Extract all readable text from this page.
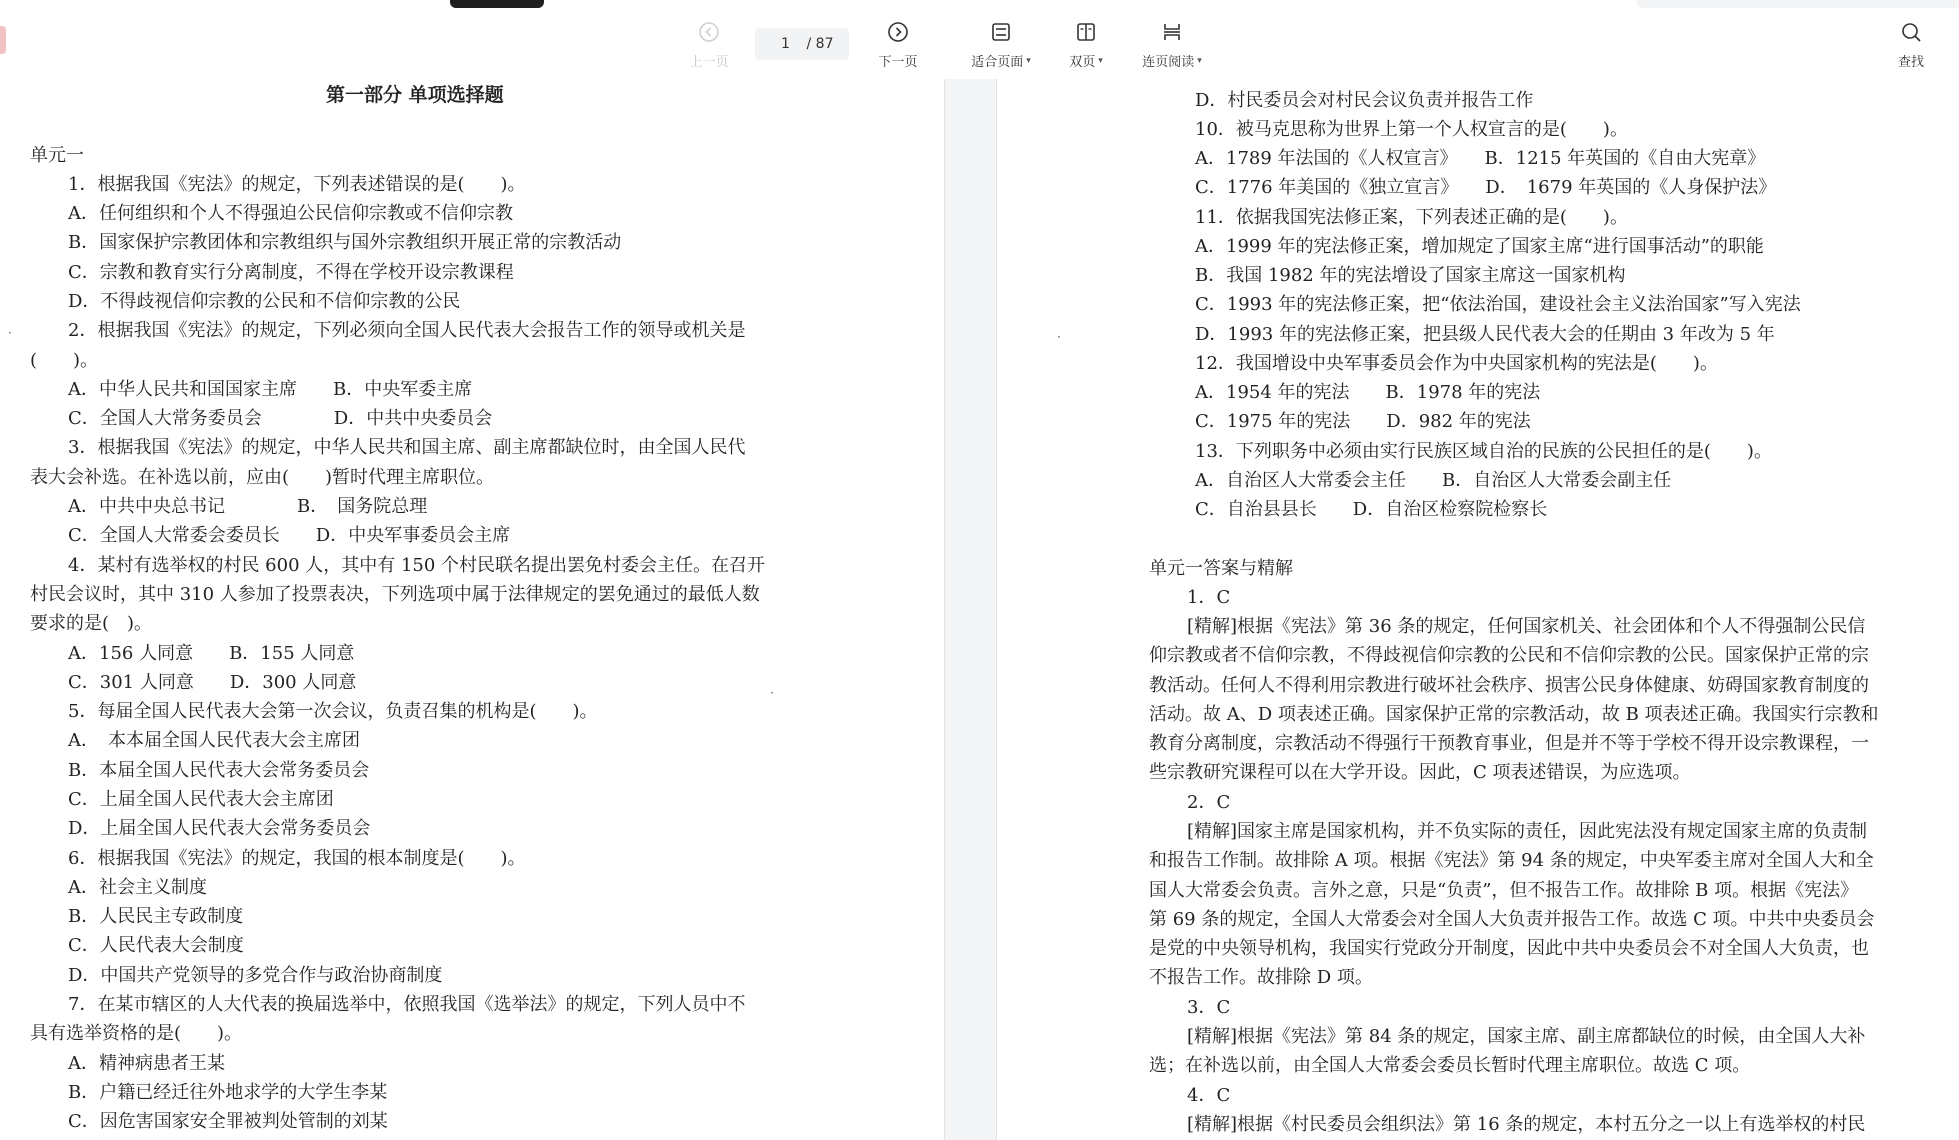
上一页
1
/ 87
下一页	适合页面 ▾	双页 ▾	连页阅读 ▾	查找
第一部分 单项选择题
单元一
1．根据我国《宪法》的规定，下列表述错误的是(　　)。
A．任何组织和个人不得强迫公民信仰宗教或不信仰宗教
B．国家保护宗教团体和宗教组织与国外宗教组织开展正常的宗教活动
C．宗教和教育实行分离制度，不得在学校开设宗教课程
D．不得歧视信仰宗教的公民和不信仰宗教的公民
2．根据我国《宪法》的规定，下列必须向全国人民代表大会报告工作的领导或机关是
(　　)。
A．中华人民共和国国家主席　　B．中央军委主席
C．全国人大常务委员会　　　　D．中共中央委员会
3．根据我国《宪法》的规定，中华人民共和国主席、副主席都缺位时，由全国人民代
表大会补选。在补选以前，应由(　　)暂时代理主席职位。
A．中共中央总书记　　　　B．　国务院总理
C．全国人大常委会委员长　　D．中央军事委员会主席
4．某村有选举权的村民 600 人，其中有 150 个村民联名提出罢免村委会主任。在召开
村民会议时，其中 310 人参加了投票表决，下列选项中属于法律规定的罢免通过的最低人数
要求的是(　)。
A．156 人同意　　B．155 人同意
C．301 人同意　　D．300 人同意
5．每届全国人民代表大会第一次会议，负责召集的机构是(　　)。
A．　本本届全国人民代表大会主席团
B．本届全国人民代表大会常务委员会
C．上届全国人民代表大会主席团
D．上届全国人民代表大会常务委员会
6．根据我国《宪法》的规定，我国的根本制度是(　　)。
A．社会主义制度
B．人民民主专政制度
C．人民代表大会制度
D．中国共产党领导的多党合作与政治协商制度
7．在某市辖区的人大代表的换届选举中，依照我国《选举法》的规定，下列人员中不
具有选举资格的是(　　)。
A．精神病患者王某
B．户籍已经迁往外地求学的大学生李某
C．因危害国家安全罪被判处管制的刘某
·
·
D．村民委员会对村民会议负责并报告工作
10．被马克思称为世界上第一个人权宣言的是(　　)。
A．1789 年法国的《人权宣言》　　B．1215 年英国的《自由大宪章》
C．1776 年美国的《独立宣言》　　D．　1679 年英国的《人身保护法》
11．依据我国宪法修正案，下列表述正确的是(　　)。
A．1999 年的宪法修正案，增加规定了国家主席“进行国事活动”的职能
B．我国 1982 年的宪法增设了国家主席这一国家机构
C．1993 年的宪法修正案，把“依法治国，建设社会主义法治国家”写入宪法
D．1993 年的宪法修正案，把县级人民代表大会的任期由 3 年改为 5 年
12．我国增设中央军事委员会作为中央国家机构的宪法是(　　)。
A．1954 年的宪法　　B．1978 年的宪法
C．1975 年的宪法　　D．982 年的宪法
13．下列职务中必须由实行民族区域自治的民族的公民担任的是(　　)。
A．自治区人大常委会主任　　B．自治区人大常委会副主任
C．自治县县长　　D．自治区检察院检察长
单元一答案与精解
1．C
[精解]根据《宪法》第 36 条的规定，任何国家机关、社会团体和个人不得强制公民信
仰宗教或者不信仰宗教，不得歧视信仰宗教的公民和不信仰宗教的公民。国家保护正常的宗
教活动。任何人不得利用宗教进行破坏社会秩序、损害公民身体健康、妨碍国家教育制度的
活动。故 A、D 项表述正确。国家保护正常的宗教活动，故 B 项表述正确。我国实行宗教和
教育分离制度，宗教活动不得强行干预教育事业，但是并不等于学校不得开设宗教课程，一
些宗教研究课程可以在大学开设。因此，C 项表述错误，为应选项。
2．C
[精解]国家主席是国家机构，并不负实际的责任，因此宪法没有规定国家主席的负责制
和报告工作制。故排除 A 项。根据《宪法》第 94 条的规定，中央军委主席对全国人大和全
国人大常委会负责。言外之意，只是“负责”，但不报告工作。故排除 B 项。根据《宪法》
第 69 条的规定，全国人大常委会对全国人大负责并报告工作。故选 C 项。中共中央委员会
是党的中央领导机构，我国实行党政分开制度，因此中共中央委员会不对全国人大负责，也
不报告工作。故排除 D 项。
3．C
[精解]根据《宪法》第 84 条的规定，国家主席、副主席都缺位的时候，由全国人大补
选；在补选以前，由全国人大常委会委员长暂时代理主席职位。故选 C 项。
4．C
[精解]根据《村民委员会组织法》第 16 条的规定，本村五分之一以上有选举权的村民
·
